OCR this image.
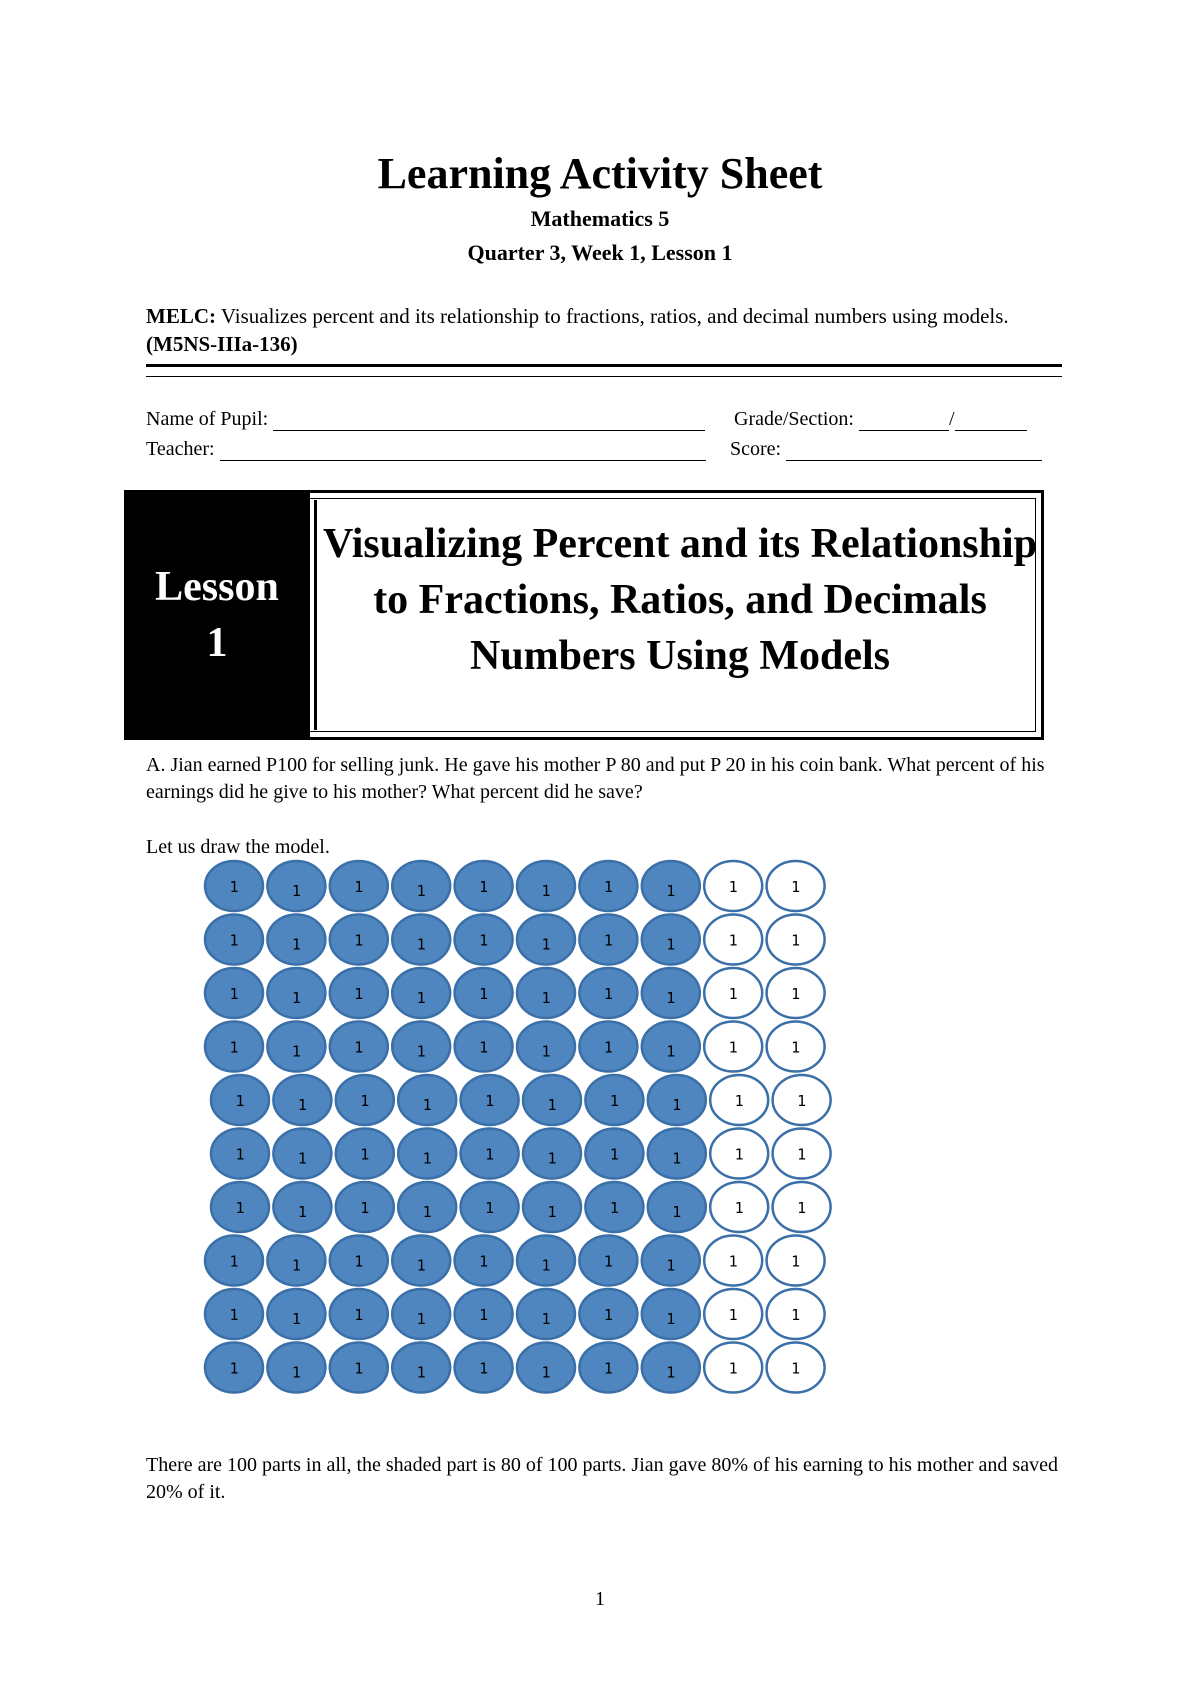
Learning Activity Sheet
Mathematics 5
Quarter 3, Week 1, Lesson 1
MELC: Visualizes percent and its relationship to fractions, ratios, and decimal numbers using models. (M5NS-IIIa-136)
Name of Pupil:	Grade/Section:	/
Teacher:	Score:
Lesson
1
Visualizing Percent and its Relationship to Fractions, Ratios, and Decimals Numbers Using Models
A. Jian earned P100 for selling junk. He gave his mother P 80 and put P 20 in his coin bank. What percent of his earnings did he give to his mother? What percent did he save?
Let us draw the model.
1	1	1	1	1	1	1	1	1	1
1	1	1	1	1	1	1	1	1	1
1	1	1	1	1	1	1	1	1	1
1	1	1	1	1	1	1	1	1	1
1	1	1	1	1	1	1	1	1	1
1	1	1	1	1	1	1	1	1	1
1	1	1	1	1	1	1	1	1	1
1	1	1	1	1	1	1	1	1	1
1	1	1	1	1	1	1	1	1	1
1	1	1	1	1	1	1	1	1	1
There are 100 parts in all, the shaded part is 80 of 100 parts. Jian gave 80% of his earning to his mother and saved 20% of it.
1
